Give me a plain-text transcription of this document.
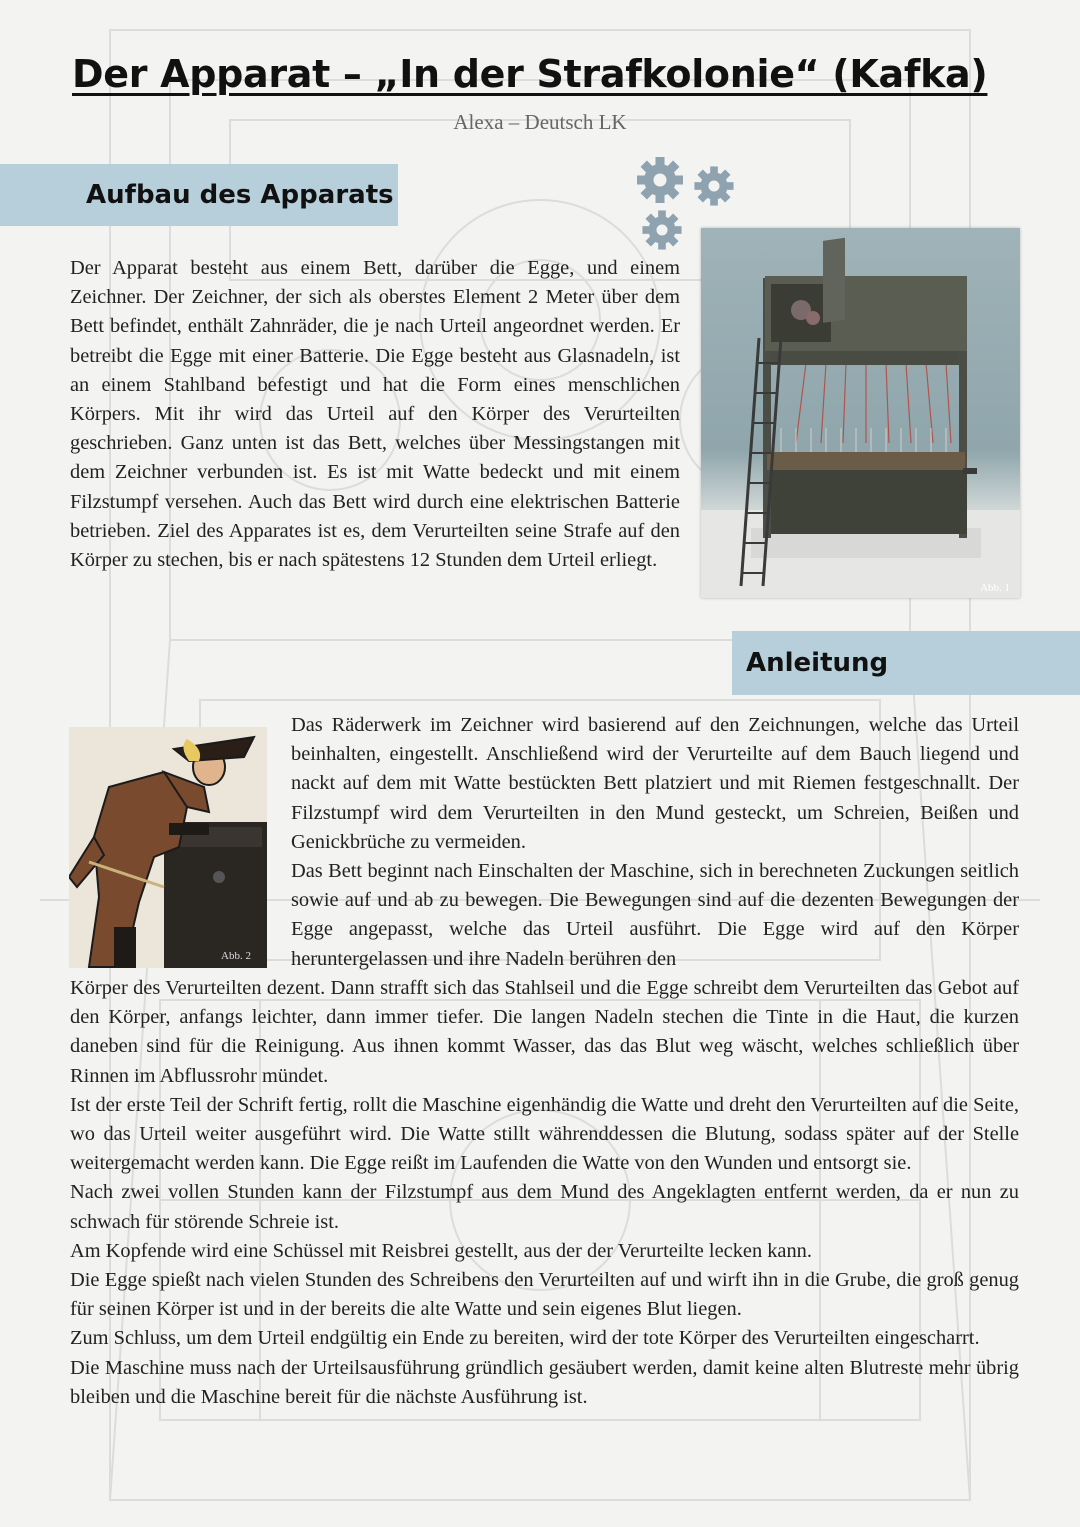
Der Apparat – „In der Strafkolonie“ (Kafka)
Alexa – Deutsch LK
Aufbau des Apparats

Der Apparat besteht aus einem Bett, darüber die Egge, und einem Zeichner. Der Zeichner, der sich als oberstes Element 2 Meter über dem Bett befindet, enthält Zahnräder, die je nach Urteil angeordnet werden. Er betreibt die Egge mit einer Batterie. Die Egge besteht aus Glasnadeln, ist an einem Stahlband befestigt und hat die Form eines menschlichen Körpers. Mit ihr wird das Urteil auf den Körper des Verurteilten geschrieben. Ganz unten ist das Bett, welches über Messingstangen mit dem Zeichner verbunden ist. Es ist mit Watte bedeckt und mit einem Filzstumpf versehen. Auch das Bett wird durch eine elektrischen Batterie betrieben. Ziel des Apparates ist es, dem Verurteilten seine Strafe auf den Körper zu stechen, bis er nach spätestens 12 Stunden dem Urteil erliegt.

Abb. 1
Anleitung
Abb. 2
Das Räderwerk im Zeichner wird basierend auf den Zeichnungen, welche das Urteil beinhalten, eingestellt. Anschließend wird der Verurteilte auf dem Bauch liegend und nackt auf dem mit Watte bestückten Bett platziert und mit Riemen festgeschnallt. Der Filzstumpf wird dem Verurteilten in den Mund gesteckt, um Schreien, Beißen und Genickbrüche zu vermeiden.
Das Bett beginnt nach Einschalten der Maschine, sich in berechneten Zuckungen seitlich sowie auf und ab zu bewegen. Die Bewegungen sind auf die dezenten Bewegungen der Egge angepasst, welche das Urteil ausführt. Die Egge wird auf den Körper heruntergelassen und ihre Nadeln berühren den
Körper des Verurteilten dezent. Dann strafft sich das Stahlseil und die Egge schreibt dem Verurteilten das Gebot auf den Körper, anfangs leichter, dann immer tiefer. Die langen Nadeln stechen die Tinte in die Haut, die kurzen daneben sind für die Reinigung. Aus ihnen kommt Wasser, das das Blut weg wäscht, welches schließlich über Rinnen im Abflussrohr mündet.
Ist der erste Teil der Schrift fertig, rollt die Maschine eigenhändig die Watte und dreht den Verurteilten auf die Seite, wo das Urteil weiter ausgeführt wird. Die Watte stillt währenddessen die Blutung, sodass später auf der Stelle weitergemacht werden kann. Die Egge reißt im Laufenden die Watte von den Wunden und entsorgt sie.
Nach zwei vollen Stunden kann der Filzstumpf aus dem Mund des Angeklagten entfernt werden, da er nun zu schwach für störende Schreie ist.
Am Kopfende wird eine Schüssel mit Reisbrei gestellt, aus der der Verurteilte lecken kann.
Die Egge spießt nach vielen Stunden des Schreibens den Verurteilten auf und wirft ihn in die Grube, die groß genug für seinen Körper ist und in der bereits die alte Watte und sein eigenes Blut liegen.
Zum Schluss, um dem Urteil endgültig ein Ende zu bereiten, wird der tote Körper des Verurteilten eingescharrt.
Die Maschine muss nach der Urteilsausführung gründlich gesäubert werden, damit keine alten Blutreste mehr übrig bleiben und die Maschine bereit für die nächste Ausführung ist.
